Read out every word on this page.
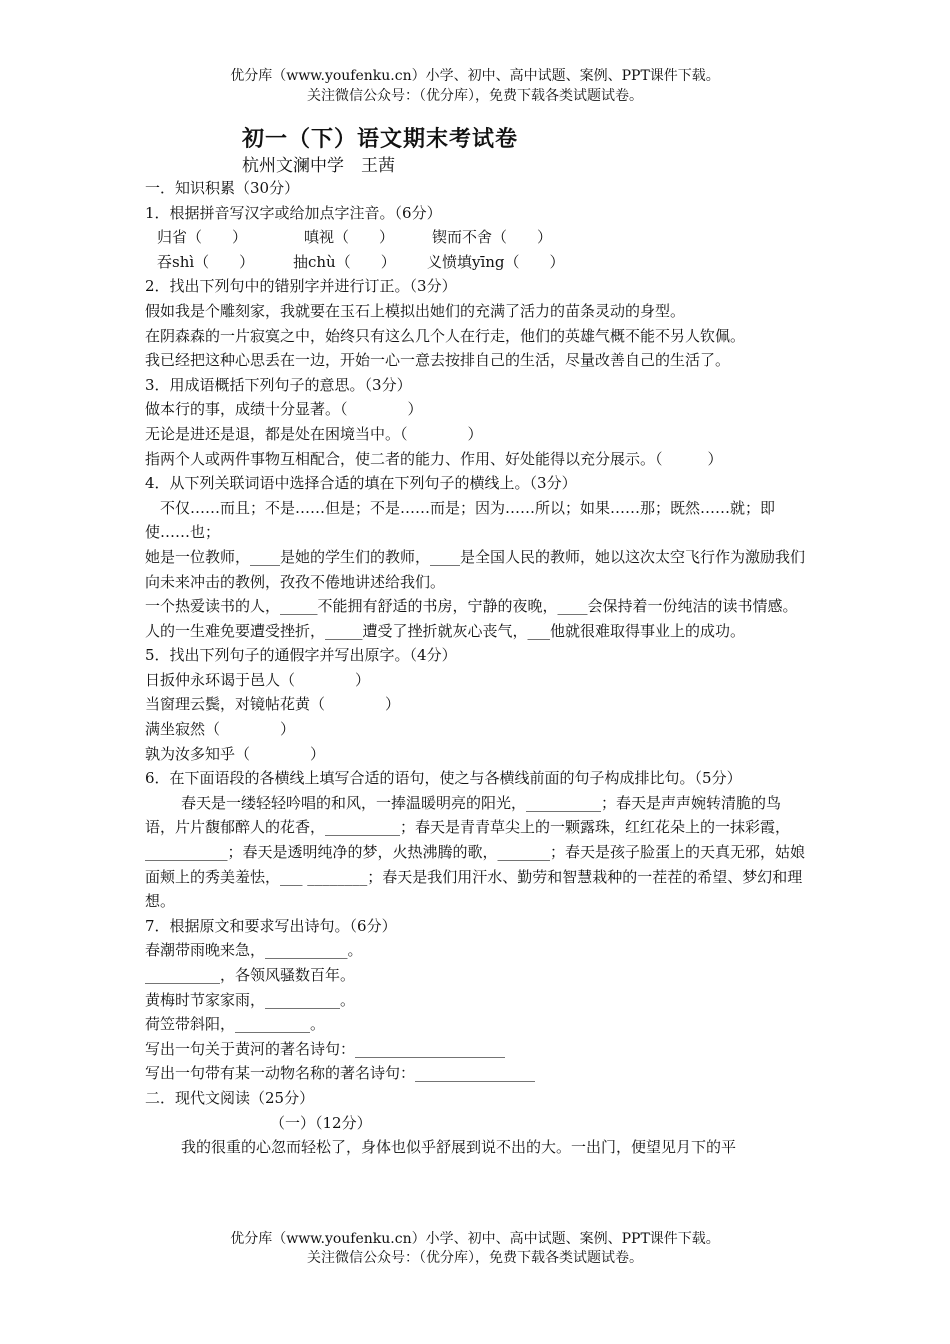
优分库（www.youfenku.cn）小学、初中、高中试题、案例、PPT课件下载。
关注微信公众号：（优分库），免费下载各类试题试卷。
初一（下）语文期末考试卷
杭州文澜中学　王茜

一．知识积累（30分）

1．根据拼音写汉字或给加点字注音。（6分）

归省（　　）	嗔视（　　）	锲而不舍（　　）
吞shì（　　）	抽chù（　　）	义愤填yīng（　　）

2．找出下列句中的错别字并进行订正。（3分）

假如我是个雕刻家，我就要在玉石上模拟出她们的充满了活力的苗条灵动的身型。

在阴森森的一片寂寞之中，始终只有这么几个人在行走，他们的英雄气概不能不另人钦佩。

我已经把这种心思丢在一边，开始一心一意去按排自己的生活，尽量改善自己的生活了。

3．用成语概括下列句子的意思。（3分）

做本行的事，成绩十分显著。（　　　　）

无论是进还是退，都是处在困境当中。（　　　　）

指两个人或两件事物互相配合，使二者的能力、作用、好处能得以充分展示。（　　　）

4．从下列关联词语中选择合适的填在下列句子的横线上。（3分）

　不仅……而且；不是……但是；不是……而是；因为……所以；如果……那；既然……就；即使……也；

她是一位教师，____是她的学生们的教师，____是全国人民的教师，她以这次太空飞行作为激励我们向未来冲击的教例，孜孜不倦地讲述给我们。

一个热爱读书的人，_____不能拥有舒适的书房，宁静的夜晚，____会保持着一份纯洁的读书情感。

人的一生难免要遭受挫折，_____遭受了挫折就灰心丧气，___他就很难取得事业上的成功。

5．找出下列句子的通假字并写出原字。（4分）

日扳仲永环谒于邑人（　　　　）

当窗理云鬓，对镜帖花黄（　　　　）

满坐寂然（　　　　）

孰为汝多知乎（　　　　）

6．在下面语段的各横线上填写合适的语句，使之与各横线前面的句子构成排比句。（5分）

春天是一缕轻轻吟唱的和风，一捧温暖明亮的阳光，__________；春天是声声婉转清脆的鸟语，片片馥郁醉人的花香，__________；春天是青青草尖上的一颗露珠，红红花朵上的一抹彩霞，___________；春天是透明纯净的梦，火热沸腾的歌，_______；春天是孩子脸蛋上的天真无邪，姑娘面颊上的秀美羞怯，___ ________；春天是我们用汗水、勤劳和智慧栽种的一茬茬的希望、梦幻和理想。

7．根据原文和要求写出诗句。（6分）

春潮带雨晚来急，___________。

__________，各领风骚数百年。

黄梅时节家家雨，__________。

荷笠带斜阳，__________。

写出一句关于黄河的著名诗句：____________________

写出一句带有某一动物名称的著名诗句：________________

二．现代文阅读（25分）

（一）（12分）

我的很重的心忽而轻松了，身体也似乎舒展到说不出的大。一出门，便望见月下的平

优分库（www.youfenku.cn）小学、初中、高中试题、案例、PPT课件下载。
关注微信公众号：（优分库），免费下载各类试题试卷。
